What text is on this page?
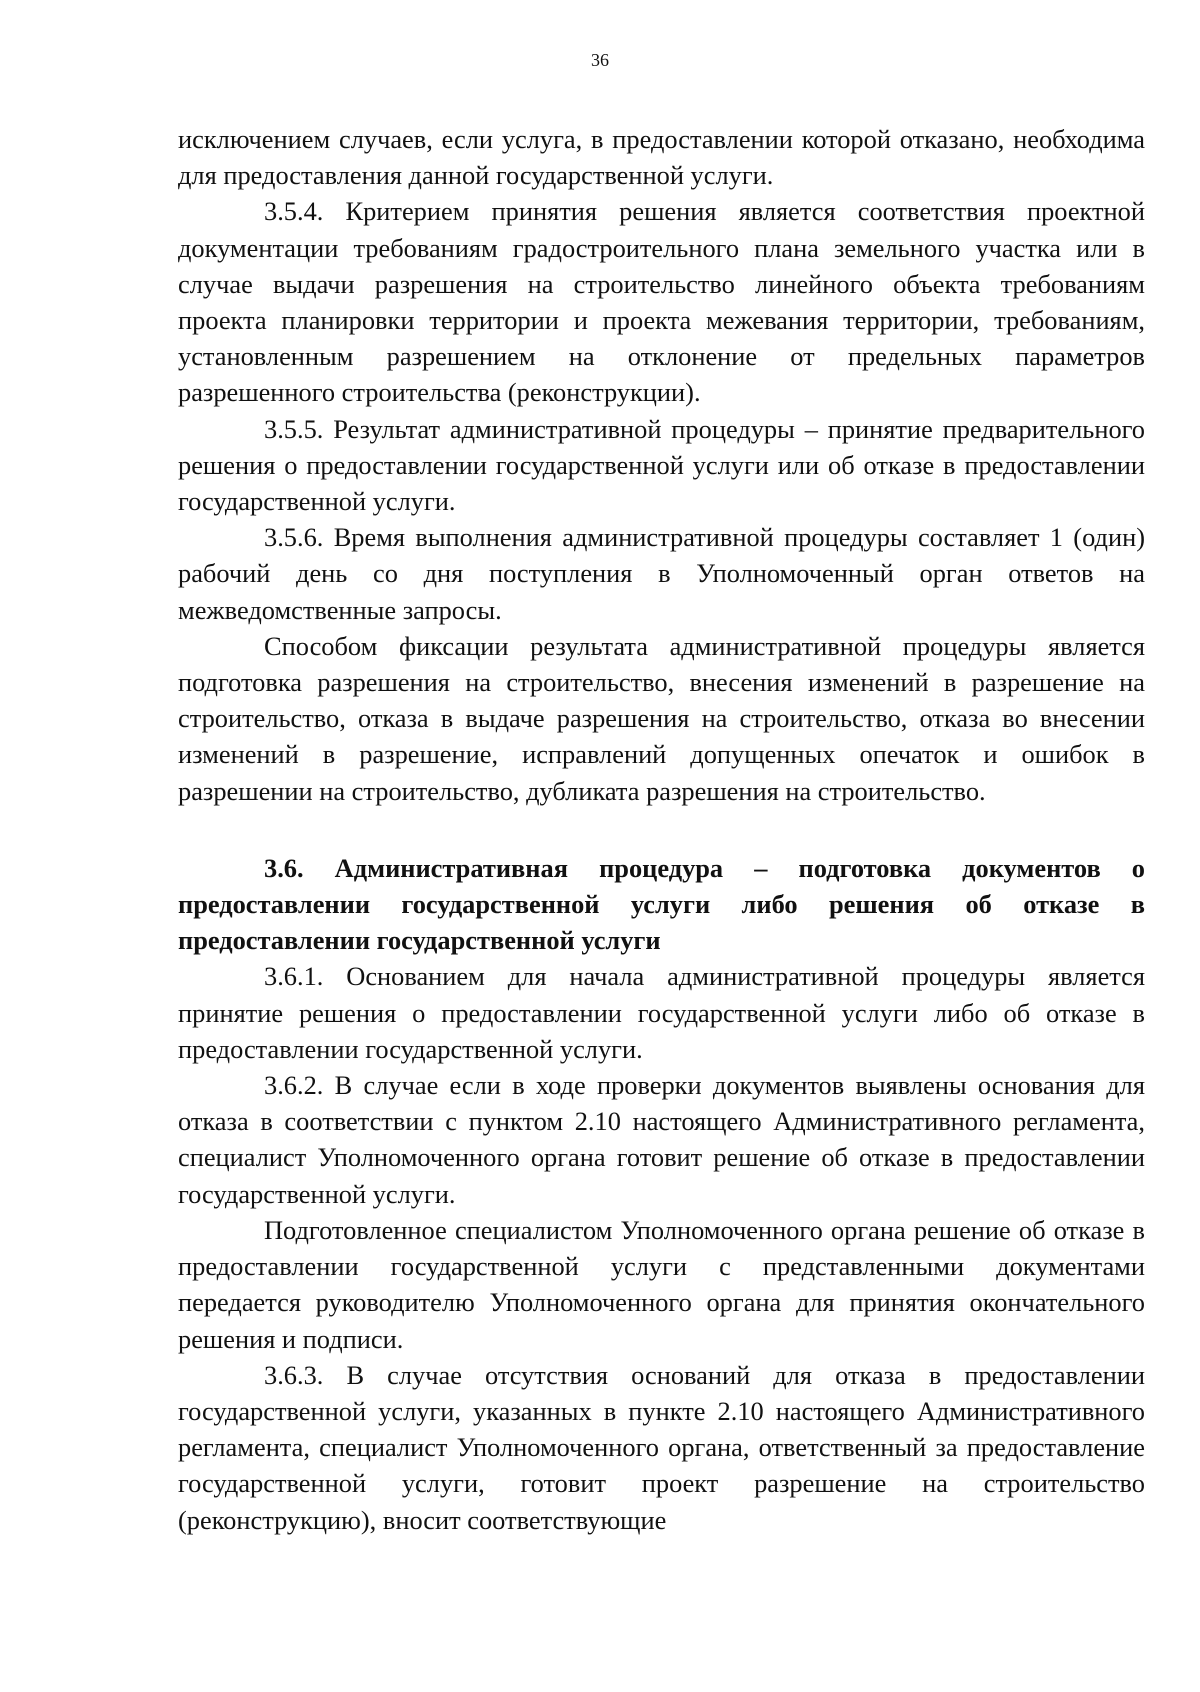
36

исключением случаев, если услуга, в предоставлении которой отказано, необходима для предоставления данной государственной услуги.

3.5.4. Критерием принятия решения является соответствия проектной документации требованиям градостроительного плана земельного участка или в случае выдачи разрешения на строительство линейного объекта требованиям проекта планировки территории и проекта межевания территории, требованиям, установленным разрешением на отклонение от предельных параметров разрешенного строительства (реконструкции).

3.5.5. Результат административной процедуры – принятие предварительного решения о предоставлении государственной услуги или об отказе в предоставлении государственной услуги.

3.5.6. Время выполнения административной процедуры составляет 1 (один) рабочий день со дня поступления в Уполномоченный орган ответов на межведомственные запросы.

Способом фиксации результата административной процедуры является подготовка разрешения на строительство, внесения изменений в разрешение на строительство, отказа в выдаче разрешения на строительство, отказа во внесении изменений в разрешение, исправлений допущенных опечаток и ошибок в разрешении на строительство, дубликата разрешения на строительство.

3.6. Административная процедура – подготовка документов о предоставлении государственной услуги либо решения об отказе в предоставлении государственной услуги

3.6.1. Основанием для начала административной процедуры является принятие решения о предоставлении государственной услуги либо об отказе в предоставлении государственной услуги.

3.6.2. В случае если в ходе проверки документов выявлены основания для отказа в соответствии с пунктом 2.10 настоящего Административного регламента, специалист Уполномоченного органа готовит решение об отказе в предоставлении государственной услуги.

Подготовленное специалистом Уполномоченного органа решение об отказе в предоставлении государственной услуги с представленными документами передается руководителю Уполномоченного органа для принятия окончательного решения и подписи.

3.6.3. В случае отсутствия оснований для отказа в предоставлении государственной услуги, указанных в пункте 2.10 настоящего Административного регламента, специалист Уполномоченного органа, ответственный за предоставление государственной услуги, готовит проект разрешение на строительство (реконструкцию), вносит соответствующие
